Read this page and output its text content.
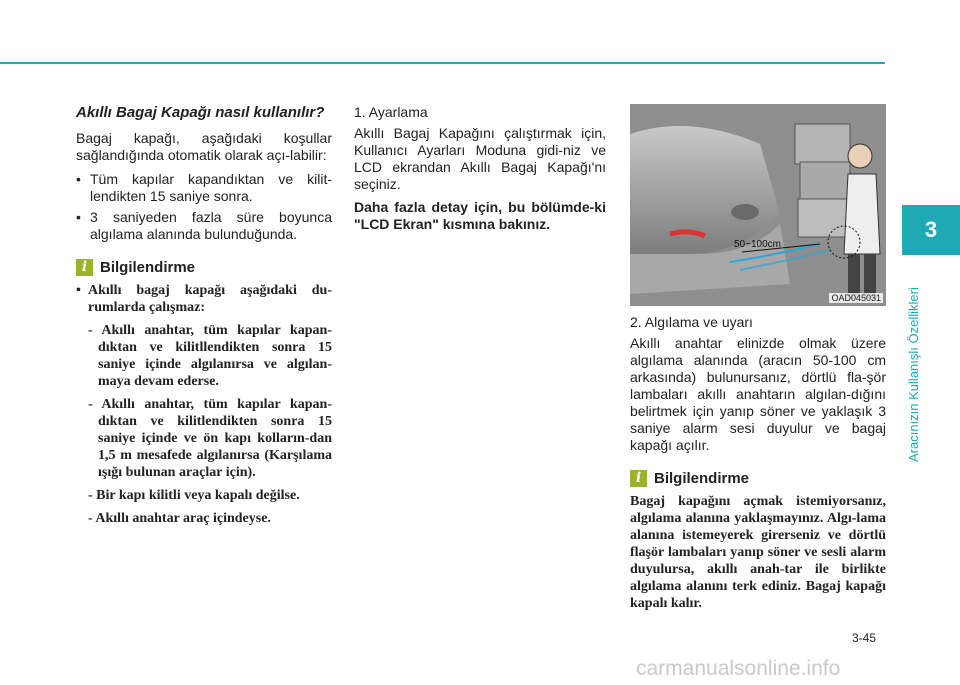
Akıllı Bagaj Kapağı nasıl kullanılır?

Bagaj kapağı, aşağıdaki koşullar sağlandığında otomatik olarak açı-labilir:

• Tüm kapılar kapandıktan ve kilit-lendikten 15 saniye sonra.
• 3 saniyeden fazla süre boyunca algılama alanında bulunduğunda.
i Bilgilendirme

• Akıllı bagaj kapağı aşağıdaki du-rumlarda çalışmaz:

- Akıllı anahtar, tüm kapılar kapan-dıktan ve kilitllendikten sonra 15 saniye içinde algılanırsa ve algılan-maya devam ederse.

- Akıllı anahtar, tüm kapılar kapan-dıktan ve kilitlendikten sonra 15 saniye içinde ve ön kapı kolların-dan 1,5 m mesafede algılanırsa (Karşılama ışığı bulunan araçlar için).

- Bir kapı kilitli veya kapalı değilse.

- Akıllı anahtar araç içindeyse.

1. Ayarlama

Akıllı Bagaj Kapağını çalıştırmak için, Kullanıcı Ayarları Moduna gidi-niz ve LCD ekrandan Akıllı Bagaj Kapağı'nı seçiniz.

Daha fazla detay için, bu bölümde-ki "LCD Ekran" kısmına bakınız.

50~100cm
OAD045031

2. Algılama ve uyarı

Akıllı anahtar elinizde olmak üzere algılama alanında (aracın 50-100 cm arkasında) bulunursanız, dörtlü fla-şör lambaları akıllı anahtarın algılan-dığını belirtmek için yanıp söner ve yaklaşık 3 saniye alarm sesi duyulur ve bagaj kapağı açılır.

i Bilgilendirme

Bagaj kapağını açmak istemiyorsanız, algılama alanına yaklaşmayınız. Algı-lama alanına istemeyerek girerseniz ve dörtlü flaşör lambaları yanıp söner ve sesli alarm duyulursa, akıllı anah-tar ile birlikte algılama alanını terk ediniz. Bagaj kapağı kapalı kalır.

3
Aracınızın Kullanışlı Özellikleri
3-45
carmanualsonline.info
